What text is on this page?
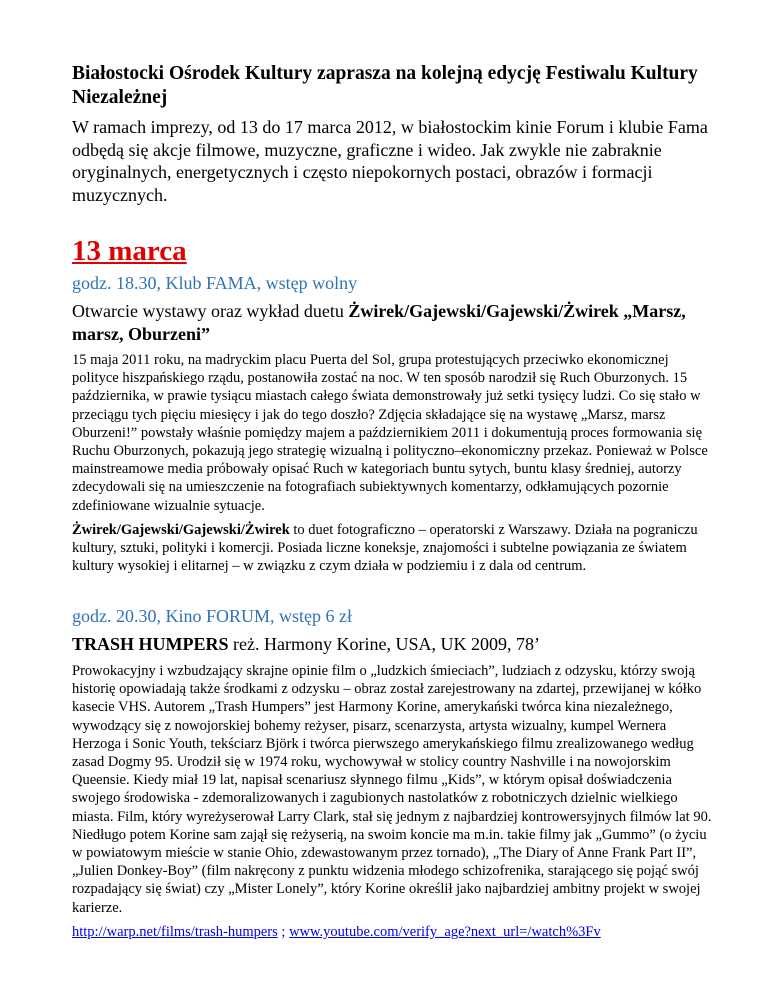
Białostocki Ośrodek Kultury zaprasza na kolejną edycję Festiwalu Kultury Niezależnej

W ramach imprezy, od 13 do 17 marca 2012, w białostockim kinie Forum i klubie Fama odbędą się akcje filmowe, muzyczne, graficzne i wideo. Jak zwykle nie zabraknie oryginalnych, energetycznych i często niepokornych postaci, obrazów i formacji muzycznych.

13 marca

godz. 18.30, Klub FAMA, wstęp wolny

Otwarcie wystawy oraz wykład duetu Żwirek/Gajewski/Gajewski/Żwirek „Marsz, marsz, Oburzeni”

15 maja 2011 roku, na madryckim placu Puerta del Sol, grupa protestujących przeciwko ekonomicznej polityce hiszpańskiego rządu, postanowiła zostać na noc. W ten sposób narodził się Ruch Oburzonych. 15 października, w prawie tysiącu miastach całego świata demonstrowały już setki tysięcy ludzi. Co się stało w przeciągu tych pięciu miesięcy i jak do tego doszło? Zdjęcia składające się na wystawę „Marsz, marsz Oburzeni!” powstały właśnie pomiędzy majem a październikiem 2011 i dokumentują proces formowania się Ruchu Oburzonych, pokazują jego strategię wizualną i polityczno–ekonomiczny przekaz. Ponieważ w Polsce mainstreamowe media próbowały opisać Ruch w kategoriach buntu sytych, buntu klasy średniej, autorzy zdecydowali się na umieszczenie na fotografiach subiektywnych komentarzy, odkłamujących pozornie zdefiniowane wizualnie sytuacje.

Żwirek/Gajewski/Gajewski/Żwirek to duet fotograficzno – operatorski z Warszawy. Działa na pograniczu kultury, sztuki, polityki i komercji. Posiada liczne koneksje, znajomości i subtelne powiązania ze światem kultury wysokiej i elitarnej – w związku z czym działa w podziemiu i z dala od centrum.

godz. 20.30, Kino FORUM, wstęp 6 zł

TRASH HUMPERS reż. Harmony Korine, USA, UK 2009, 78’

Prowokacyjny i wzbudzający skrajne opinie film o „ludzkich śmieciach”, ludziach z odzysku, którzy swoją historię opowiadają także środkami z odzysku – obraz został zarejestrowany na zdartej, przewijanej w kółko kasecie VHS. Autorem „Trash Humpers” jest Harmony Korine, amerykański twórca kina niezależnego, wywodzący się z nowojorskiej bohemy reżyser, pisarz, scenarzysta, artysta wizualny, kumpel Wernera Herzoga i Sonic Youth, tekściarz Björk i twórca pierwszego amerykańskiego filmu zrealizowanego według zasad Dogmy 95. Urodził się w 1974 roku, wychowywał w stolicy country Nashville i na nowojorskim Queensie. Kiedy miał 19 lat, napisał scenariusz słynnego filmu „Kids”, w którym opisał doświadczenia swojego środowiska - zdemoralizowanych i zagubionych nastolatków z robotniczych dzielnic wielkiego miasta. Film, który wyreżyserował Larry Clark, stał się jednym z najbardziej kontrowersyjnych filmów lat 90. Niedługo potem Korine sam zajął się reżyserią, na swoim koncie ma m.in. takie filmy jak „Gummo” (o życiu w powiatowym mieście w stanie Ohio, zdewastowanym przez tornado), „The Diary of Anne Frank Part II”, „Julien Donkey-Boy” (film nakręcony z punktu widzenia młodego schizofrenika, starającego się pojąć swój rozpadający się świat) czy „Mister Lonely”, który Korine określił jako najbardziej ambitny projekt w swojej karierze.

http://warp.net/films/trash-humpers ; www.youtube.com/verify_age?next_url=/watch%3Fv
